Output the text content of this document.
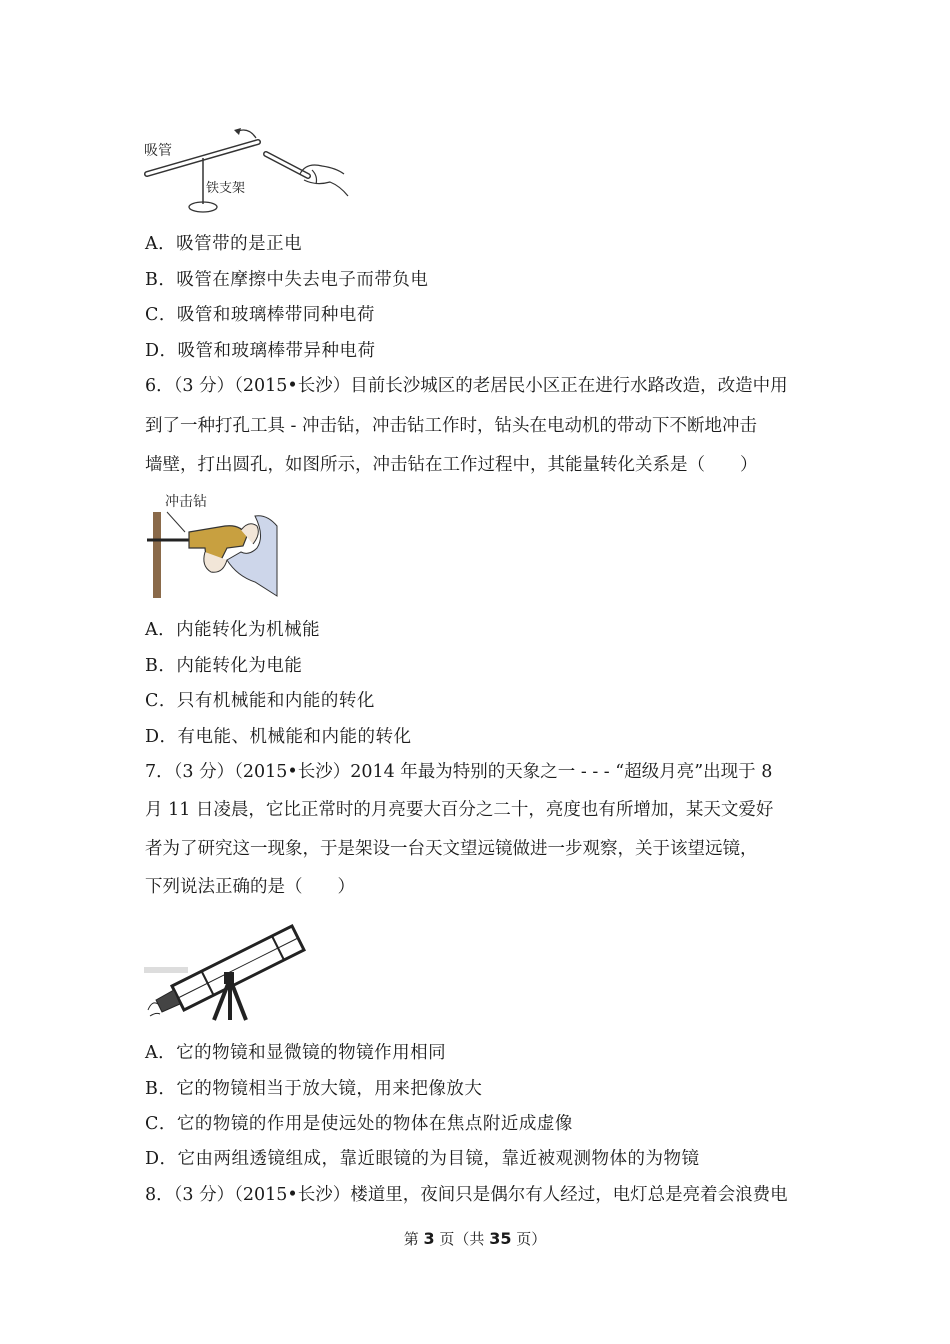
吸管
铁支架
A．吸管带的是正电
B．吸管在摩擦中失去电子而带负电
C．吸管和玻璃棒带同种电荷
D．吸管和玻璃棒带异种电荷
6．（3 分）（2015•长沙）目前长沙城区的老居民小区正在进行水路改造，改造中用
到了一种打孔工具 - 冲击钻，冲击钻工作时，钻头在电动机的带动下不断地冲击
墙壁，打出圆孔，如图所示，冲击钻在工作过程中，其能量转化关系是（　　）
冲击钻
A．内能转化为机械能
B．内能转化为电能
C．只有机械能和内能的转化
D．有电能、机械能和内能的转化
7．（3 分）（2015•长沙）2014 年最为特别的天象之一 - - - “超级月亮”出现于 8
月 11 日凌晨，它比正常时的月亮要大百分之二十，亮度也有所增加，某天文爱好
者为了研究这一现象，于是架设一台天文望远镜做进一步观察，关于该望远镜，
下列说法正确的是（　　）
A．它的物镜和显微镜的物镜作用相同
B．它的物镜相当于放大镜，用来把像放大
C．它的物镜的作用是使远处的物体在焦点附近成虚像
D．它由两组透镜组成，靠近眼镜的为目镜，靠近被观测物体的为物镜
8．（3 分）（2015•长沙）楼道里，夜间只是偶尔有人经过，电灯总是亮着会浪费电
第 3 页（共 35 页）
